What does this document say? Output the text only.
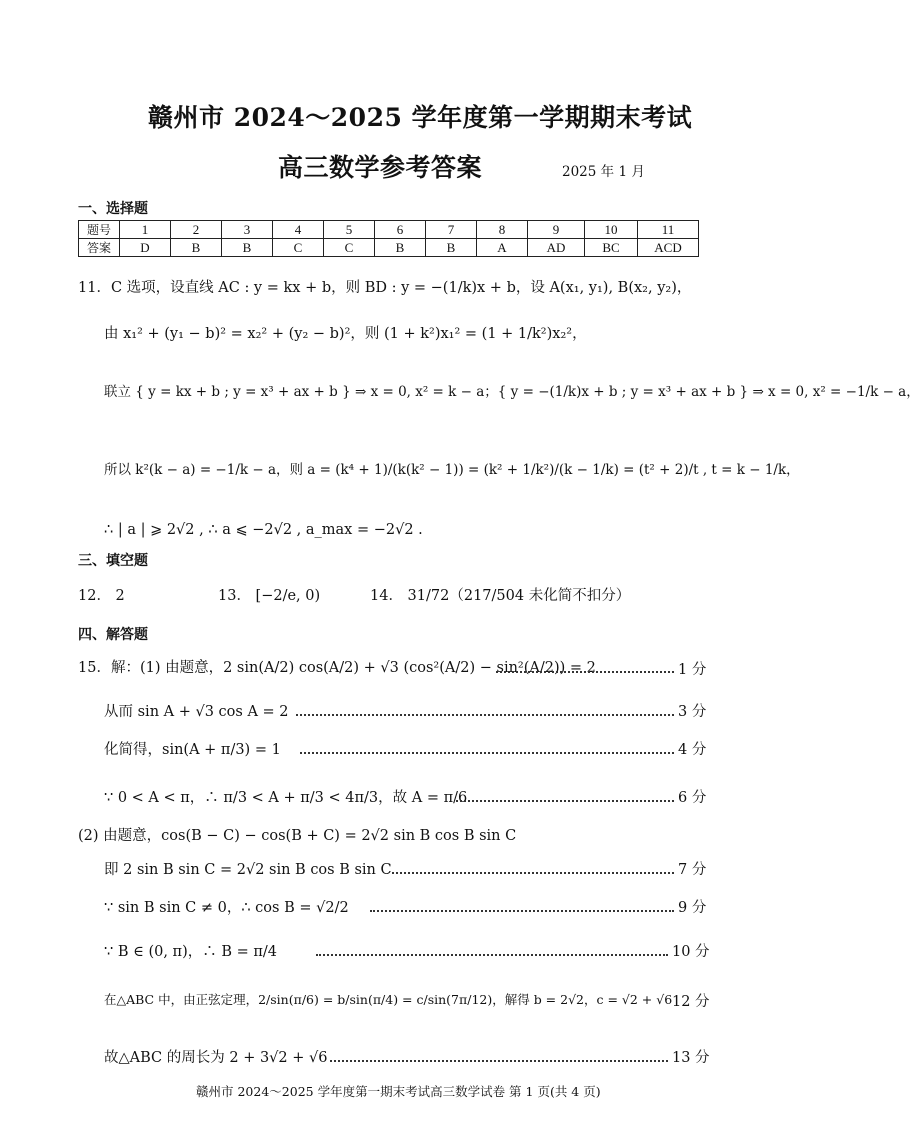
赣州市 2024～2025 学年度第一学期期末考试
高三数学参考答案	2025 年 1 月
一、选择题
题号	1	2	3	4	5	6	7	8	9	10	11
答案	D	B	B	C	C	B	B	A	AD	BC	ACD
11．C 选项，设直线 AC : y = kx + b，则 BD : y = −(1/k)x + b，设 A(x₁, y₁), B(x₂, y₂)，
由 x₁² + (y₁ − b)² = x₂² + (y₂ − b)²，则 (1 + k²)x₁² = (1 + 1/k²)x₂²，
联立 { y = kx + b ; y = x³ + ax + b } ⇒ x = 0, x² = k − a；{ y = −(1/k)x + b ; y = x³ + ax + b } ⇒ x = 0, x² = −1/k − a，
所以 k²(k − a) = −1/k − a，则 a = (k⁴ + 1)/(k(k² − 1)) = (k² + 1/k²)/(k − 1/k) = (t² + 2)/t , t = k − 1/k，
∴ | a | ⩾ 2√2 , ∴ a ⩽ −2√2 , a_max = −2√2 .
三、填空题
12． 2	13． [−2/e, 0)	14． 31/72（217/504 未化简不扣分）
四、解答题
15．解：(1) 由题意，2 sin(A/2) cos(A/2) + √3 (cos²(A/2) − sin²(A/2)) = 2	1 分
从而 sin A + √3 cos A = 2	3 分
化简得，sin(A + π/3) = 1	4 分
∵ 0 < A < π，∴ π/3 < A + π/3 < 4π/3，故 A = π/6	6 分
(2) 由题意，cos(B − C) − cos(B + C) = 2√2 sin B cos B sin C
即 2 sin B sin C = 2√2 sin B cos B sin C	7 分
∵ sin B sin C ≠ 0，∴ cos B = √2/2	9 分
∵ B ∈ (0, π)，∴ B = π/4	10 分
在△ABC 中，由正弦定理，2/sin(π/6) = b/sin(π/4) = c/sin(7π/12)，解得 b = 2√2，c = √2 + √6 12 分
故△ABC 的周长为 2 + 3√2 + √6	13 分
赣州市 2024～2025 学年度第一期末考试高三数学试卷 第 1 页(共 4 页)
